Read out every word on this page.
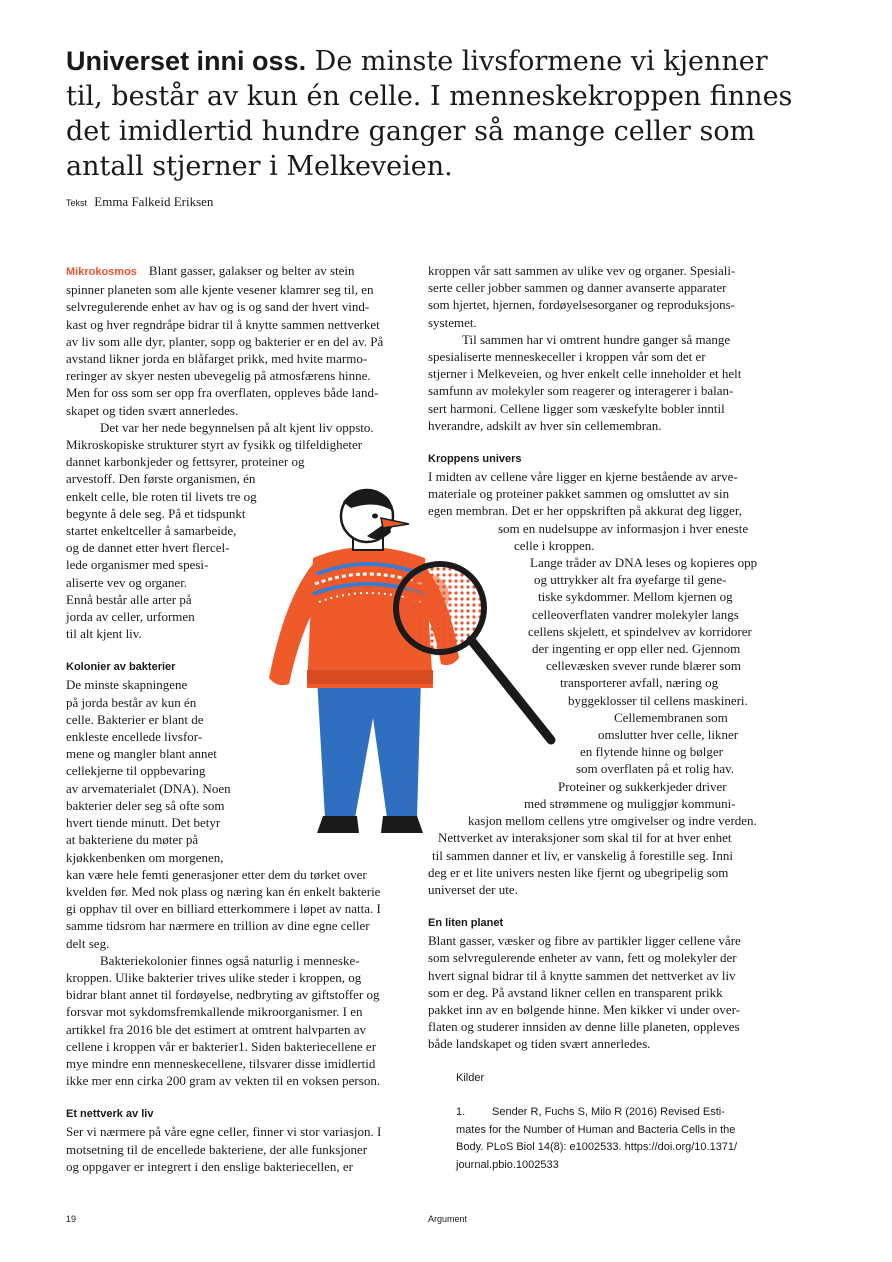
Universet inni oss. De minste livsformene vi kjenner til, består av kun én celle. I menneskekroppen finnes det imidlertid hundre ganger så mange celler som antall stjerner i Melkeveien.
Tekst Emma Falkeid Eriksen
Mikrokosmos Blant gasser, galakser og belter av stein
spinner planeten som alle kjente vesener klamrer seg til, en
selvregulerende enhet av hav og is og sand der hvert vind-
kast og hver regndråpe bidrar til å knytte sammen nettverket
av liv som alle dyr, planter, sopp og bakterier er en del av. På
avstand likner jorda en blåfarget prikk, med hvite marmo-
reringer av skyer nesten ubevegelig på atmosfærens hinne.
Men for oss som ser opp fra overflaten, oppleves både land-
skapet og tiden svært annerledes.
Det var her nede begynnelsen på alt kjent liv oppsto.
Mikroskopiske strukturer styrt av fysikk og tilfeldigheter
dannet karbonkjeder og fettsyrer, proteiner og
arvestoff. Den første organismen, én
enkelt celle, ble roten til livets tre og
begynte å dele seg. På et tidspunkt
startet enkeltceller å samarbeide,
og de dannet etter hvert flercel-
lede organismer med spesi-
aliserte vev og organer.
Ennå består alle arter på
jorda av celler, urformen
til alt kjent liv.
Kolonier av bakterier
De minste skapningene
på jorda består av kun én
celle. Bakterier er blant de
enkleste encellede livsfor-
mene og mangler blant annet
cellekjerne til oppbevaring
av arvematerialet (DNA). Noen
bakterier deler seg så ofte som
hvert tiende minutt. Det betyr
at bakteriene du møter på
kjøkkenbenken om morgenen,
kan være hele femti generasjoner etter dem du tørket over
kvelden før. Med nok plass og næring kan én enkelt bakterie
gi opphav til over en billiard etterkommere i løpet av natta. I
samme tidsrom har nærmere en trillion av dine egne celler
delt seg.
Bakteriekolonier finnes også naturlig i menneske-
kroppen. Ulike bakterier trives ulike steder i kroppen, og
bidrar blant annet til fordøyelse, nedbryting av giftstoffer og
forsvar mot sykdomsfremkallende mikroorganismer. I en
artikkel fra 2016 ble det estimert at omtrent halvparten av
cellene i kroppen vår er bakterier1. Siden bakteriecellene er
mye mindre enn menneskecellene, tilsvarer disse imidlertid
ikke mer enn cirka 200 gram av vekten til en voksen person.
Et nettverk av liv
Ser vi nærmere på våre egne celler, finner vi stor variasjon. I
motsetning til de encellede bakteriene, der alle funksjoner
og oppgaver er integrert i den enslige bakteriecellen, er
kroppen vår satt sammen av ulike vev og organer. Spesiali-
serte celler jobber sammen og danner avanserte apparater
som hjertet, hjernen, fordøyelsesorganer og reproduksjons-
systemet.
Til sammen har vi omtrent hundre ganger så mange
spesialiserte menneskeceller i kroppen vår som det er
stjerner i Melkeveien, og hver enkelt celle inneholder et helt
samfunn av molekyler som reagerer og interagerer i balan-
sert harmoni. Cellene ligger som væskefylte bobler inntil
hverandre, adskilt av hver sin cellemembran.
Kroppens univers
I midten av cellene våre ligger en kjerne bestående av arve-
materiale og proteiner pakket sammen og omsluttet av sin
egen membran. Det er her oppskriften på akkurat deg ligger,
som en nudelsuppe av informasjon i hver eneste
celle i kroppen.
Lange tråder av DNA leses og kopieres opp
og uttrykker alt fra øyefarge til gene-
tiske sykdommer. Mellom kjernen og
celleoverflaten vandrer molekyler langs
cellens skjelett, et spindelvev av korridorer
der ingenting er opp eller ned. Gjennom
cellevæsken svever runde blærer som
transporterer avfall, næring og
byggeklosser til cellens maskineri.
Cellemembranen som
omslutter hver celle, likner
en flytende hinne og bølger
som overflaten på et rolig hav.
Proteiner og sukkerkjeder driver
med strømmene og muliggjør kommuni-
kasjon mellom cellens ytre omgivelser og indre verden.
Nettverket av interaksjoner som skal til for at hver enhet
til sammen danner et liv, er vanskelig å forestille seg. Inni
deg er et lite univers nesten like fjernt og ubegripelig som
universet der ute.
En liten planet
Blant gasser, væsker og fibre av partikler ligger cellene våre
som selvregulerende enheter av vann, fett og molekyler der
hvert signal bidrar til å knytte sammen det nettverket av liv
som er deg. På avstand likner cellen en transparent prikk
pakket inn av en bølgende hinne. Men kikker vi under over-
flaten og studerer innsiden av denne lille planeten, oppleves
både landskapet og tiden svært annerledes.
Kilder
1. Sender R, Fuchs S, Milo R (2016) Revised Esti-
mates for the Number of Human and Bacteria Cells in the
Body. PLoS Biol 14(8): e1002533. https://doi.org/10.1371/
journal.pbio.1002533
19	Argument
